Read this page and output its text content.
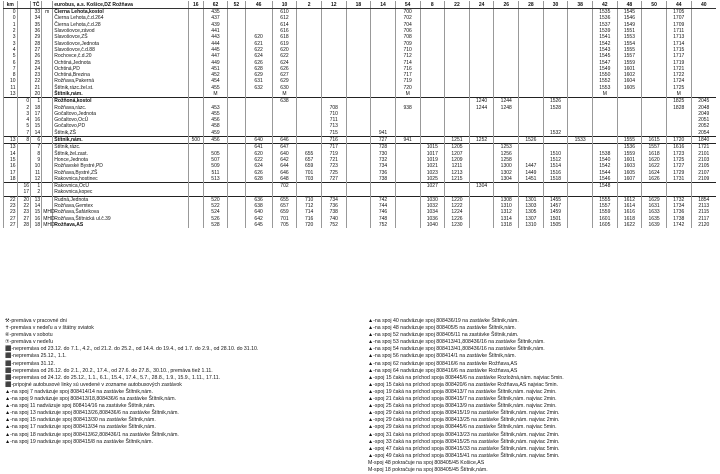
km		TČ		eurobus, a.s. Košice,DZ Rožňava	16	62	52	46	10	2	12	18	14	54	8	22	24	26	28	30	38	42	48	50	44	40
0		33	m	Čierna Lehota,kostol		435			610					700								1535	1545		1705	
0		34		Čierna Lehota,č.d.264		437			612					702								1536	1546		1707	
1		35		Čierna Lehota,č.d.28		439			614					704								1537	1549		1709	
2		36		Slavošovce,závod		441			616					706								1539	1551		1711	
3		29		Slavošovce,ZŠ		443		620	618					708								1541	1553		1713	
3		28		Slavošovce,Jednota		444		621	619					709								1542	1554		1714	
4		27		Slavošovce,č.d.88		445		622	620					710								1543	1555		1715	
5		26		Rochovce,č.d.20		447		624	622					712								1545	1557		1717	
6		25		Ochtiná,Jednota		449		626	624					714								1547	1559		1719	
7		24		Ochtiná,PD		451		628	626					716								1549	1601		1721	
8		23		Ochtiná,Brezina		452		629	627					717								1550	1602		1722	
10		22		Rožňava,Pakerná		454		631	629					719								1552	1604		1724	
11		21		Štítnik,rázc.žel.st.		455		632	630					720								1553	1605		1725	
13		20		Štítnik,nám.		M			M					M								M			M	
	0	1		Rožňoná,kostol					638								1240	1244		1526					1825	2045
	2	18		Rožňava,rázc.		453					708			938			1244	1248		1528					1828	2048
	3	17		Gočaltovo,Jednota		455					710															2049
	4	16		Gočaltovo,OcÚ		456					711															2051
	5	15		Gočaltovo,PD		458					713															2052
	7	14		Štítnik,ZŠ		459					715		941							1532						2054
13	8	6		Štítnik,nám.	500	456		640	646		716		727	941		1251	1252		1526		1533		1555	1615	1720	1840
13		7		Štítnik,rázc.				641	647		717		728		1015	1205		1253					1536	1557	1616	1721
14		8		Štítnik,žel.zast.		505		620	640	655	719		730		1017	1207		1256		1510		1538	1559	1618	1723	2101
15		9		Honce,Jednota		507		622	642	657	721		732		1019	1209		1258		1512		1540	1601	1620	1725	2103
16		10		Rožňavské Bystré,PD		509		624	644	659	723		734		1021	1211		1300	1447	1514		1542	1603	1622	1727	2105
17		11		Rožňava,Bystré,ZŠ		511		626	646	701	725		736		1023	1213		1302	1449	1516		1544	1605	1624	1729	2107
18		12		Rakovnica,hostinec		513		628	648	703	727		738		1025	1215		1304	1451	1518		1546	1607	1626	1731	2109
	16	1		Rakovnica,OcÚ					702						1027		1304					1548				
	17	2		Rakovnica,kopec																						
22	20	13		Rudná,Jednota		520		636	655	710	734		742		1030	1220		1308	1301	1455		1555	1612	1629	1732	1854
23	22	14		Rožňava,Gemtex		522		638	657	712	736		744		1032	1222		1310	1303	1457		1557	1614	1631	1734	2113
23	23	15	MHD	Rožňava,Šafárikova		524		640	659	714	738		746		1034	1224		1312	1305	1459		1559	1616	1633	1736	2115
27	27	16	MHD	Rožňava,Štítnická ul.č.39		526		642	701	716	740		748		1036	1226		1314	1307	1501		1601	1618	1635	1738	2117
27	28	18	MHD	Rožňava,AS		528		645	705	720	752		752		1040	1230		1318	1310	1505		1605	1622	1639	1742	2120
⚒-premáva v pracovné dni
✝-premáva v nedeľu a v štátny sviatok
⑥-premáva v sobotu
⑦-premáva v nedeľu
⬛-nepremáva od 23.12. do 7.1., 4.2., od 21.2. do 25.2., od 14.4. do 19.4., od 1.7. do 2.9., od 28.10. do 31.10.
⬛-nepremáva 25.12., 1.1.
⬛-nepremáva 31.12.
⬛-nepremáva od 26.12. do 2.1., 20.2., 17.4., od 27.6. do 27.8., 30.10., premáva tiež 1.11.
⬛-nepremáva od 24.12. do 25.12., 1.1., 6.1., 15.4., 17.4., 5.7., 28.8., 1.9., 15.9., 1.11., 17.11.
⬛-pripojné autobusové linky sú uvedené v zozname autobusových zastávok
▲-na spoj 7 nadväzuje spoj 808414/14 na zastávke Štítnik,nám.
▲-na spoj 9 nadväzuje spoj 808413/18,808436/6 na zastávke Štítnik,nám.
▲-na spoj 11 nadväzuje spoj 808414/16 na zastávke Štítnik,nám.
▲-na spoj 13 nadväzuje spoj 808413/26,808436/6 na zastávke Štítnik,nám.
▲-na spoj 15 nadväzuje spoj 808413/30 na zastávke Štítnik,nám.
▲-na spoj 17 nadväzuje spoj 808413/34 na zastávke Štítnik,nám.
▲-na spoj 18 nadväzuje spoj 808413/62,808436/1 na zastávke Štítnik,nám.
▲-na spoj 19 nadväzuje spoj 808415/8 na zastávke Štítnik,nám.
▲-na spoj 40 nadväzuje spoj 808436/19 na zastávke Štítnik,nám.
▲-na spoj 48 nadväzuje spoj 808405/5 na zastávke Štítnik,nám.
▲-na spoj 52 nadväzuje spoj 808405/11 na zastávke Štítnik,nám.
▲-na spoj 53 nadväzuje spoj 808413/41,808436/16 na zastávke Štítnik,nám.
▲-na spoj 54 nadväzuje spoj 808413/41,808436/16 na zastávke Štítnik,nám.
▲-na spoj 56 nadväzuje spoj 808414/1 na zastávke Štítnik,nám.
▲-na spoj 62 nadväzuje spoj 808416/6 na zastávke Rožňava,AS
▲-na spoj 64 nadväzuje spoj 808416/6 na zastávke Rožňava,AS
▲-spoj 15 čaká na príchod spoja 808445/6 na zastávke Rozložná,nám. najviac 5min.
▲-spoj 15 čaká na príchod spoja 808420/6 na zastávke Rožňava,AS najviac 5min.
▲-spoj 19 čaká na príchod spoja 808413/7 na zastávke Štítnik,nám. najviac 2min.
▲-spoj 21 čaká na príchod spoja 808415/7 na zastávke Štítnik,nám. najviac 2min.
▲-spoj 25 čaká na príchod spoja 808413/9 na zastávke Štítnik,nám. najviac 2min.
▲-spoj 29 čaká na príchod spoja 808415/19 na zastávke Štítnik,nám. najviac 2min.
▲-spoj 29 čaká na príchod spoja 808413/25 na zastávke Štítnik,nám. najviac 2min.
▲-spoj 29 čaká na príchod spoja 808445/6 na zastávke Štítnik,nám. najviac 5min.
▲-spoj 31 čaká na príchod spoja 808413/23 na zastávke Štítnik,nám. najviac 2min.
▲-spoj 33 čaká na príchod spoja 808415/25 na zastávke Štítnik,nám. najviac 2min.
▲-spoj 47 čaká na príchod spoja 808415/33 na zastávke Štítnik,nám. najviac 5min.
▲-spoj 49 čaká na príchod spoja 808415/41 na zastávke Štítnik,nám. najviac 5min.
M-spoj 48 pokračuje na spoj 808405/45 Košice,AS
M-spoj 18 pokračuje na spoj 808405/45 Štítnik,nám.
